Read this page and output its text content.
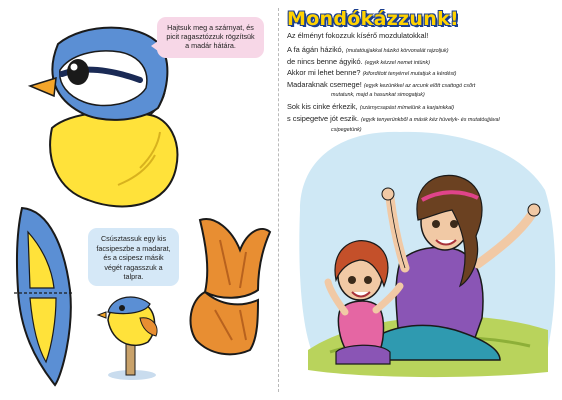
Hajtsuk meg a szárnyat, és picit ragasztózzuk rögzítsük a madár hátára.
Csúsztassuk egy kis facsipeszbe a madarat, és a csipesz másik végét ragasszuk a talpra.
Mondókázzunk!
Az élményt fokozzuk kísérő mozdulatokkal!
A fa ágán házikó, (mutatóujjakkal házikó körvonalát rajzoljuk)
de nincs benne ágyikó. (egyik kézzel nemet intünk)
Akkor mi lehet benne? (kifordított tenyérrel mutatjuk a kérdést)
Madaraknak csemege! (egyik kezünkkel az arcunk előtt csattogó csőrt
mutatunk, majd a hasunkat simogatjuk)
Sok kis cinke érkezik, (szárnycsapást mímelünk a karjainkkal)
s csipegetve jót eszik. (egyik tenyerünkből a másik kéz hüvelyk- és mutatóujjával
csipegetünk)
